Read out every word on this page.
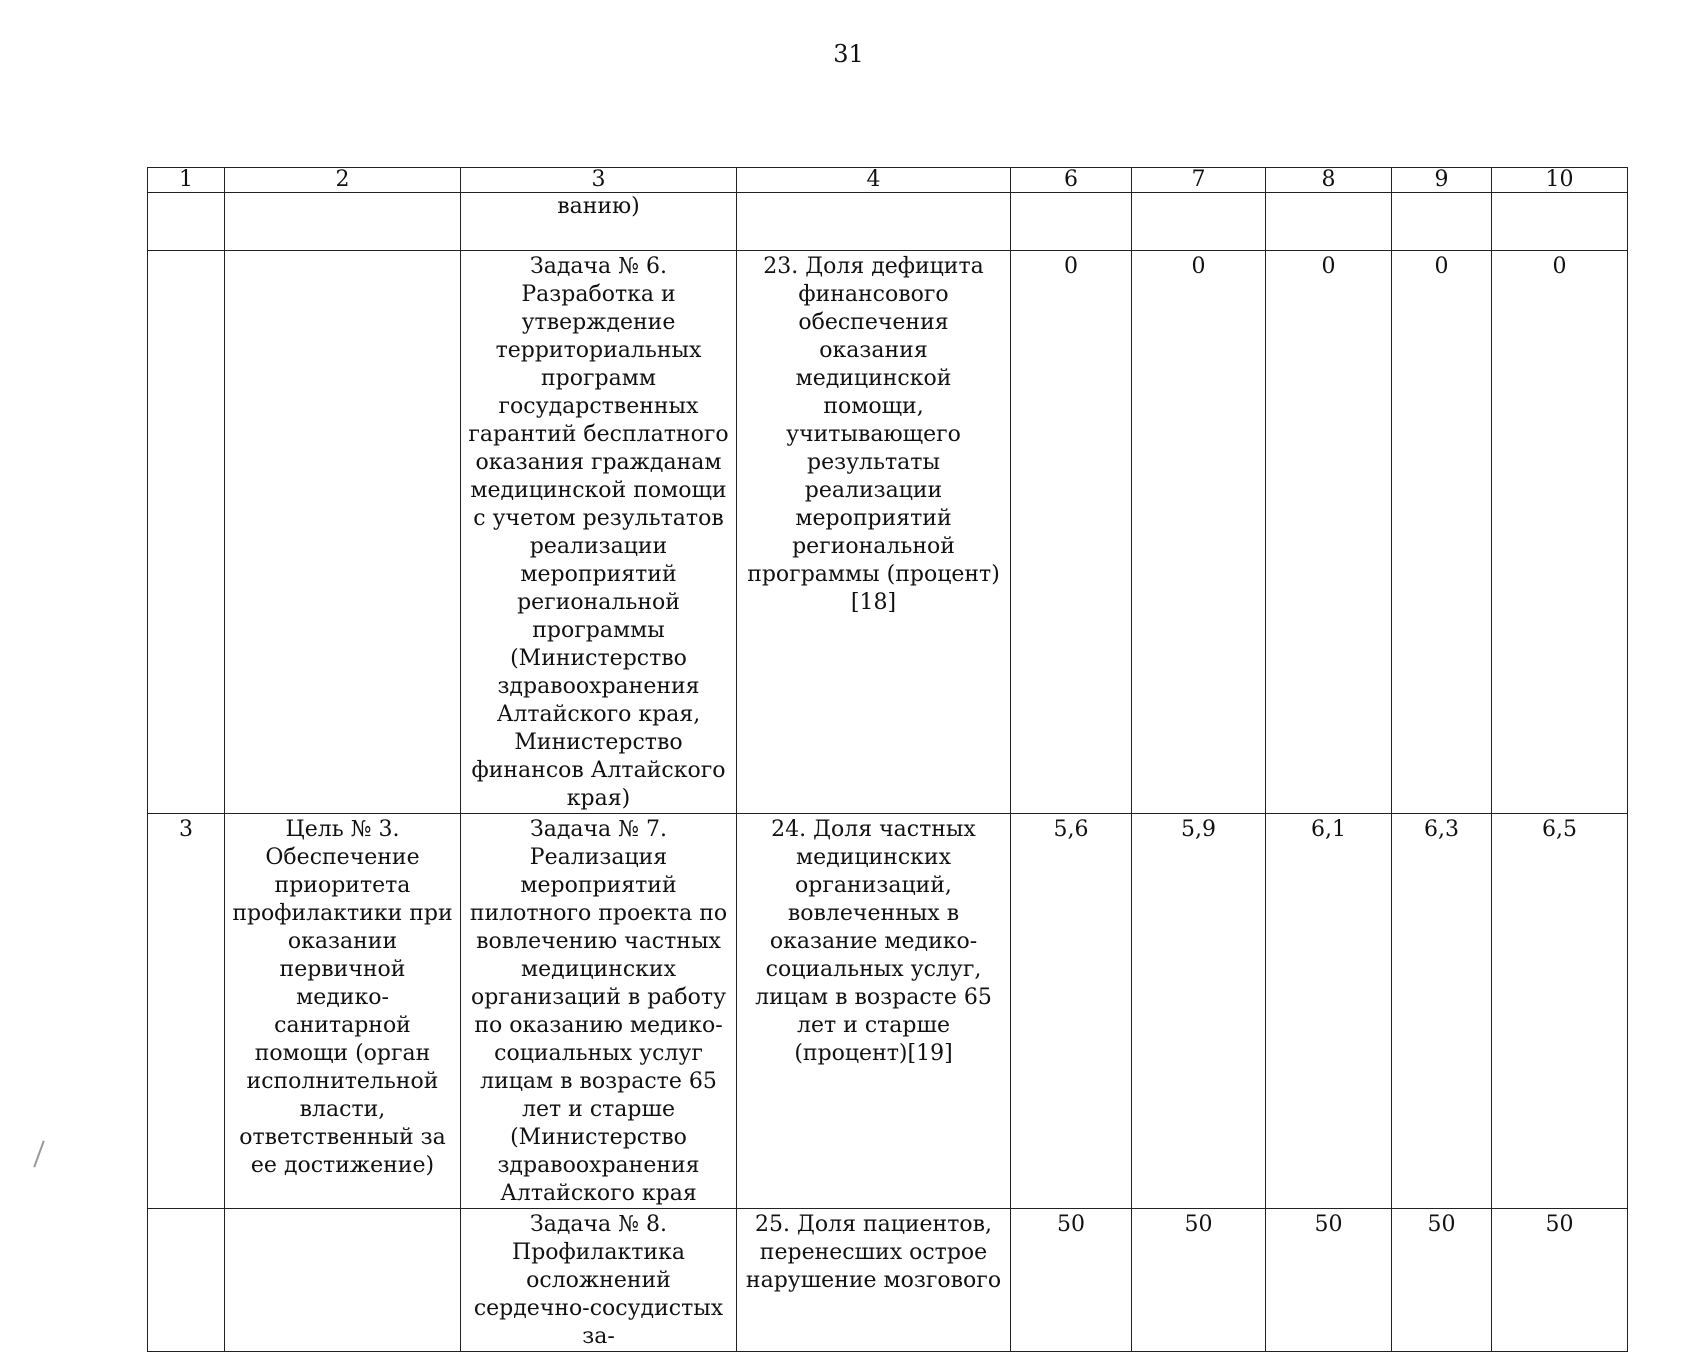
31
1	2	3	4	6	7	8	9	10
		ванию)						
		Задача № 6. Разработка и утверждение территориальных программ государственных гарантий бесплатного оказания гражданам медицинской помощи с учетом результатов реализации мероприятий региональной программы (Министерство здравоохранения Алтайского края, Министерство финансов Алтайского края)	23. Доля дефицита финансового обеспечения оказания медицинской помощи, учитывающего результаты реализации мероприятий региональной программы (процент)[18]	0	0	0	0	0
3	Цель № 3. Обеспечение приоритета профилактики при оказании первичной медико-санитарной помощи (орган исполнительной власти, ответственный за ее достижение)	Задача № 7. Реализация мероприятий пилотного проекта по вовлечению частных медицинских организаций в работу по оказанию медико-социальных услуг лицам в возрасте 65 лет и старше (Министерство здравоохранения Алтайского края	24. Доля частных медицинских организаций, вовлеченных в оказание медико-социальных услуг, лицам в возрасте 65 лет и старше (процент)[19]	5,6	5,9	6,1	6,3	6,5
		Задача № 8. Профилактика осложнений сердечно-сосудистых за-	25. Доля пациентов, перенесших острое нарушение мозгового	50	50	50	50	50
